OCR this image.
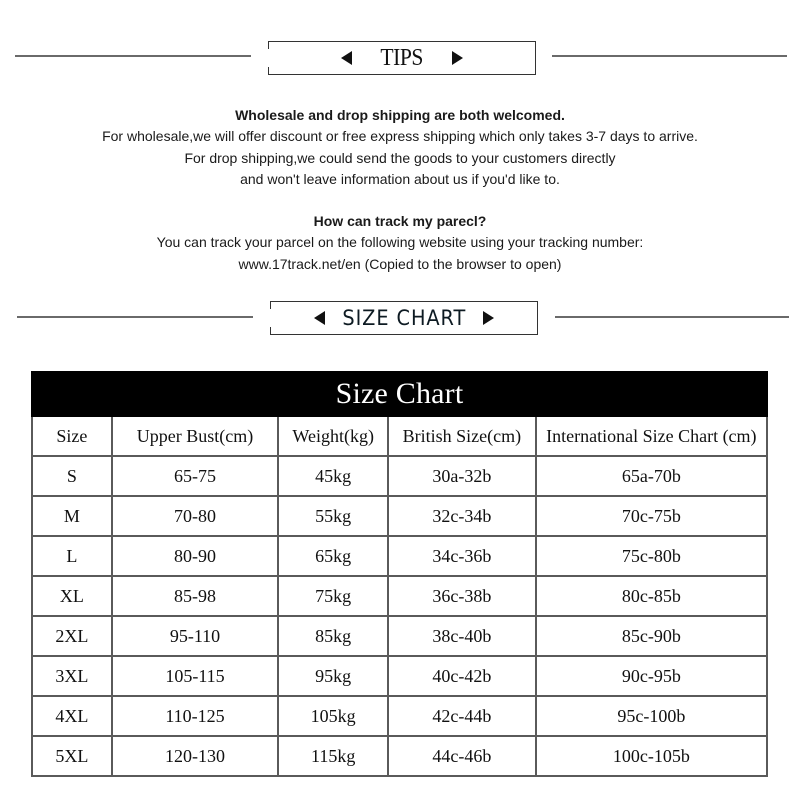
TIPS
Wholesale and drop shipping are both welcomed.
For wholesale,we will offer discount or free express shipping which only takes 3-7 days to arrive.
For drop shipping,we could send the goods to your customers directly
and won't leave information about us if you'd like to.
How can track my parecl?
You can track your parcel on the following website using your tracking number:
www.17track.net/en (Copied to the browser to open)
SIZE CHART
Size Chart				
Size	Upper Bust(cm)	Weight(kg)	British Size(cm)	International Size Chart (cm)
S	65-75	45kg	30a-32b	65a-70b
M	70-80	55kg	32c-34b	70c-75b
L	80-90	65kg	34c-36b	75c-80b
XL	85-98	75kg	36c-38b	80c-85b
2XL	95-110	85kg	38c-40b	85c-90b
3XL	105-115	95kg	40c-42b	90c-95b
4XL	110-125	105kg	42c-44b	95c-100b
5XL	120-130	115kg	44c-46b	100c-105b
